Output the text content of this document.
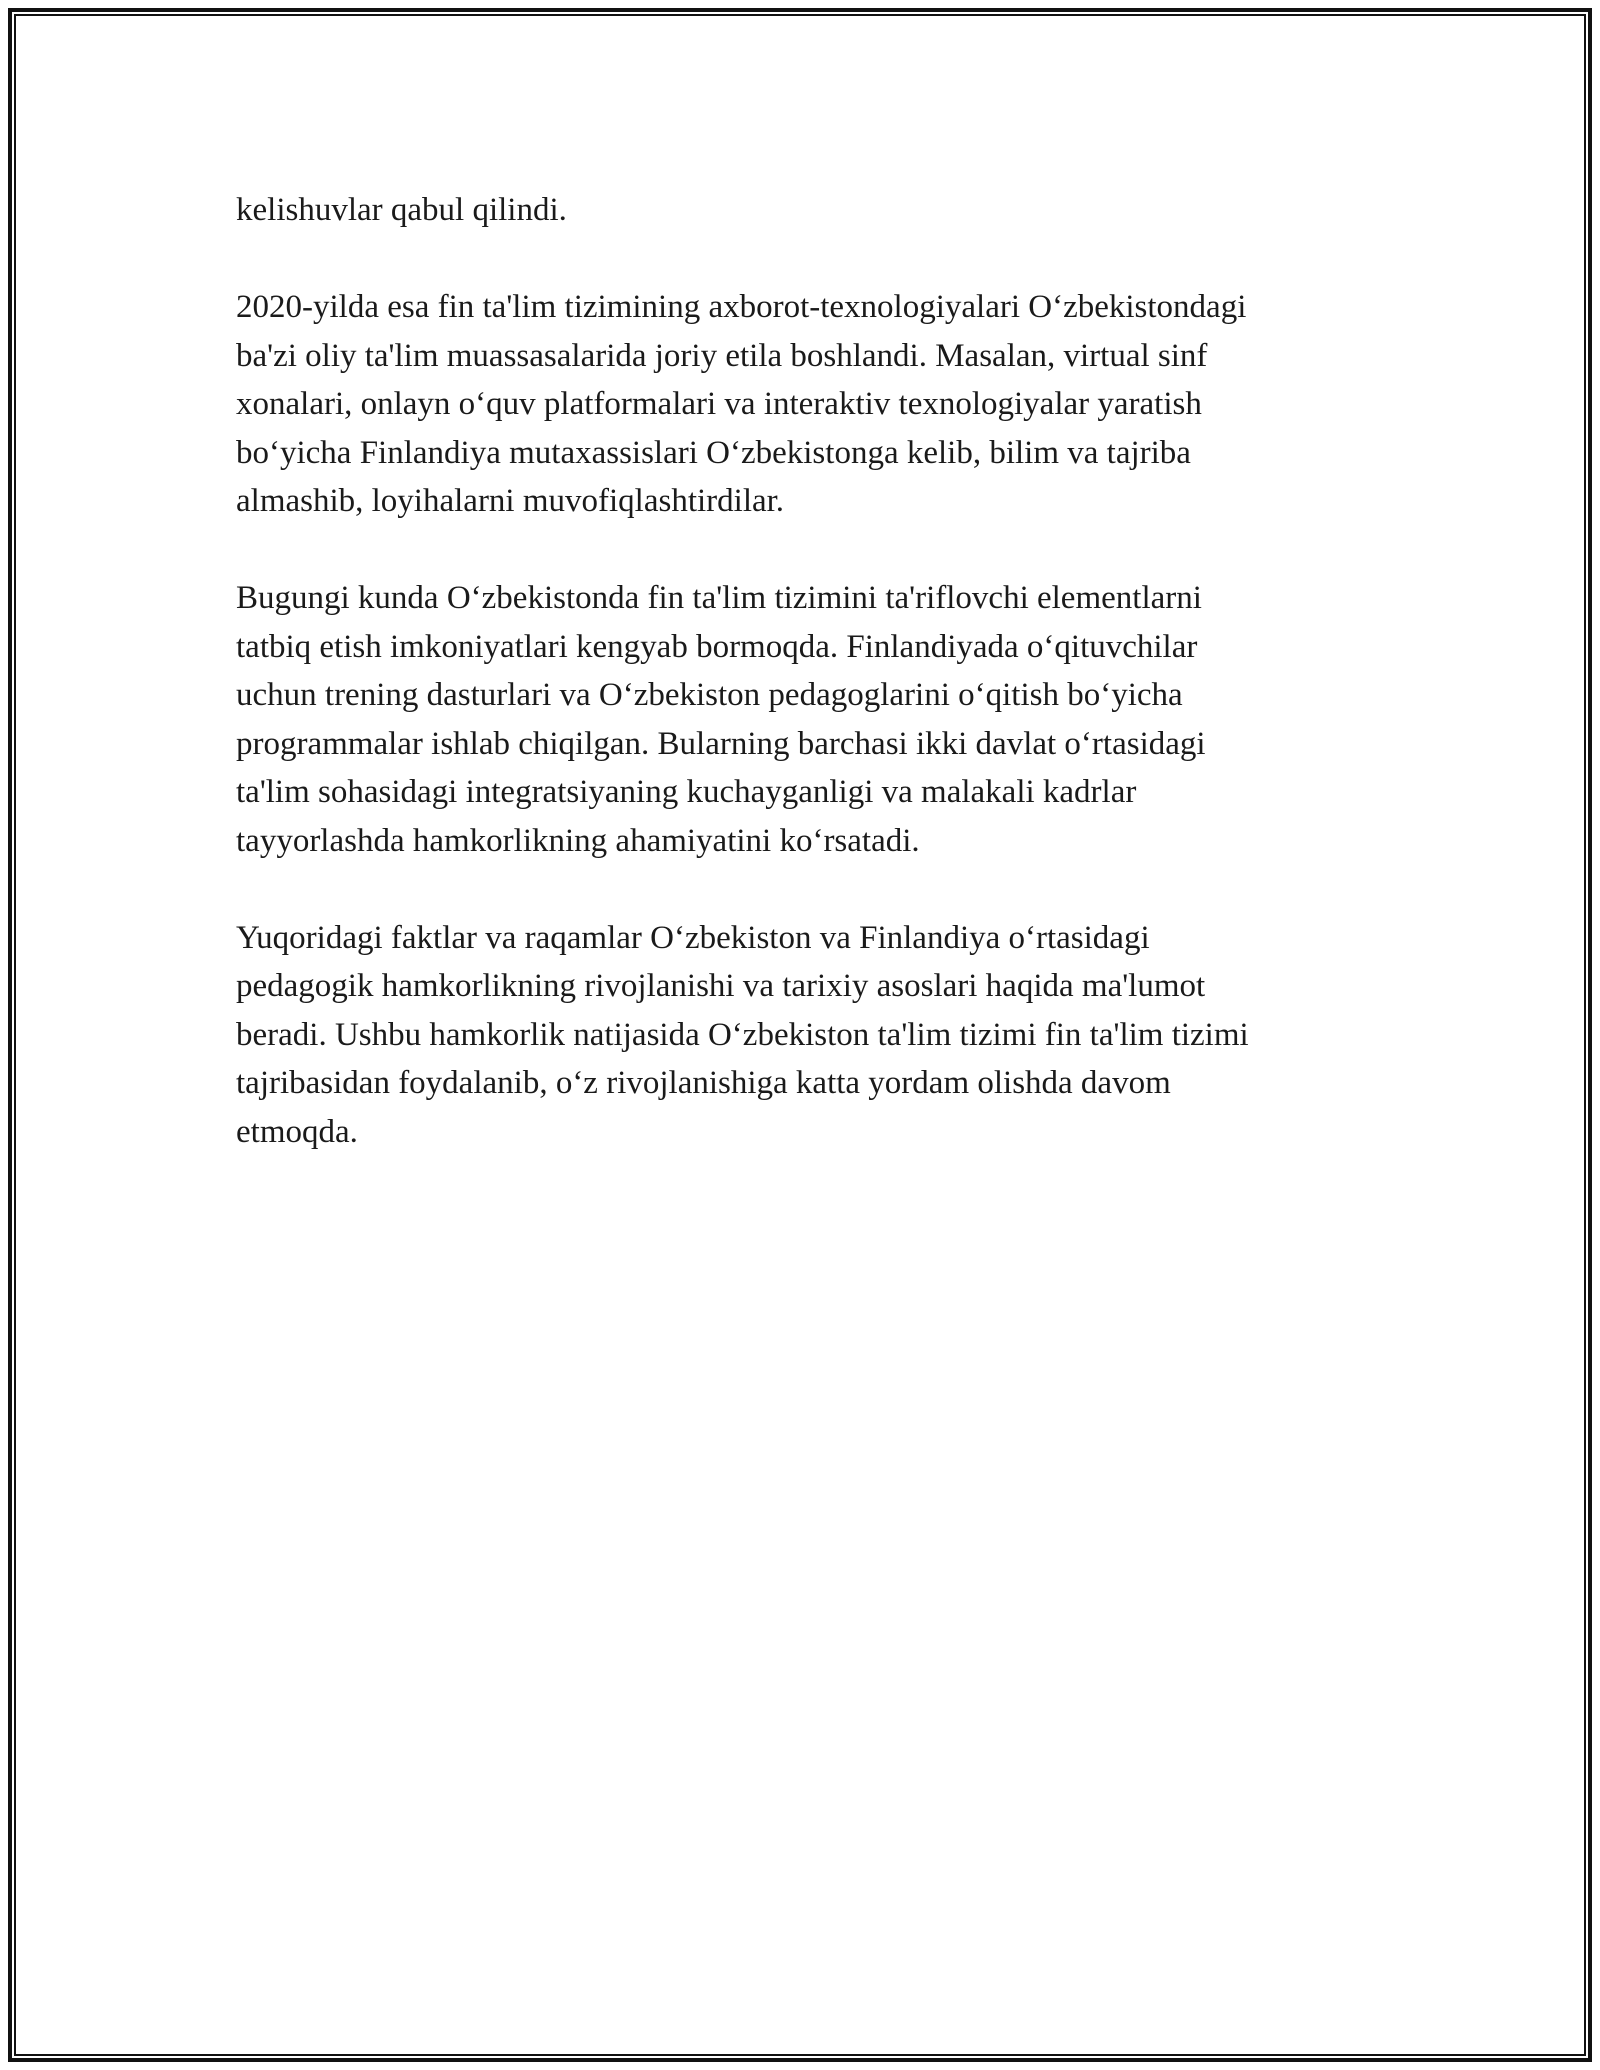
kelishuvlar qabul qilindi.

2020-yilda esa fin ta'lim tizimining axborot-texnologiyalari O‘zbekistondagi
ba'zi oliy ta'lim muassasalarida joriy etila boshlandi. Masalan, virtual sinf
xonalari, onlayn o‘quv platformalari va interaktiv texnologiyalar yaratish
bo‘yicha Finlandiya mutaxassislari O‘zbekistonga kelib, bilim va tajriba
almashib, loyihalarni muvofiqlashtirdilar.

Bugungi kunda O‘zbekistonda fin ta'lim tizimini ta'riflovchi elementlarni
tatbiq etish imkoniyatlari kengyab bormoqda. Finlandiyada o‘qituvchilar
uchun trening dasturlari va O‘zbekiston pedagoglarini o‘qitish bo‘yicha
programmalar ishlab chiqilgan. Bularning barchasi ikki davlat o‘rtasidagi
ta'lim sohasidagi integratsiyaning kuchayganligi va malakali kadrlar
tayyorlashda hamkorlikning ahamiyatini ko‘rsatadi.

Yuqoridagi faktlar va raqamlar O‘zbekiston va Finlandiya o‘rtasidagi
pedagogik hamkorlikning rivojlanishi va tarixiy asoslari haqida ma'lumot
beradi. Ushbu hamkorlik natijasida O‘zbekiston ta'lim tizimi fin ta'lim tizimi
tajribasidan foydalanib, o‘z rivojlanishiga katta yordam olishda davom
etmoqda.
